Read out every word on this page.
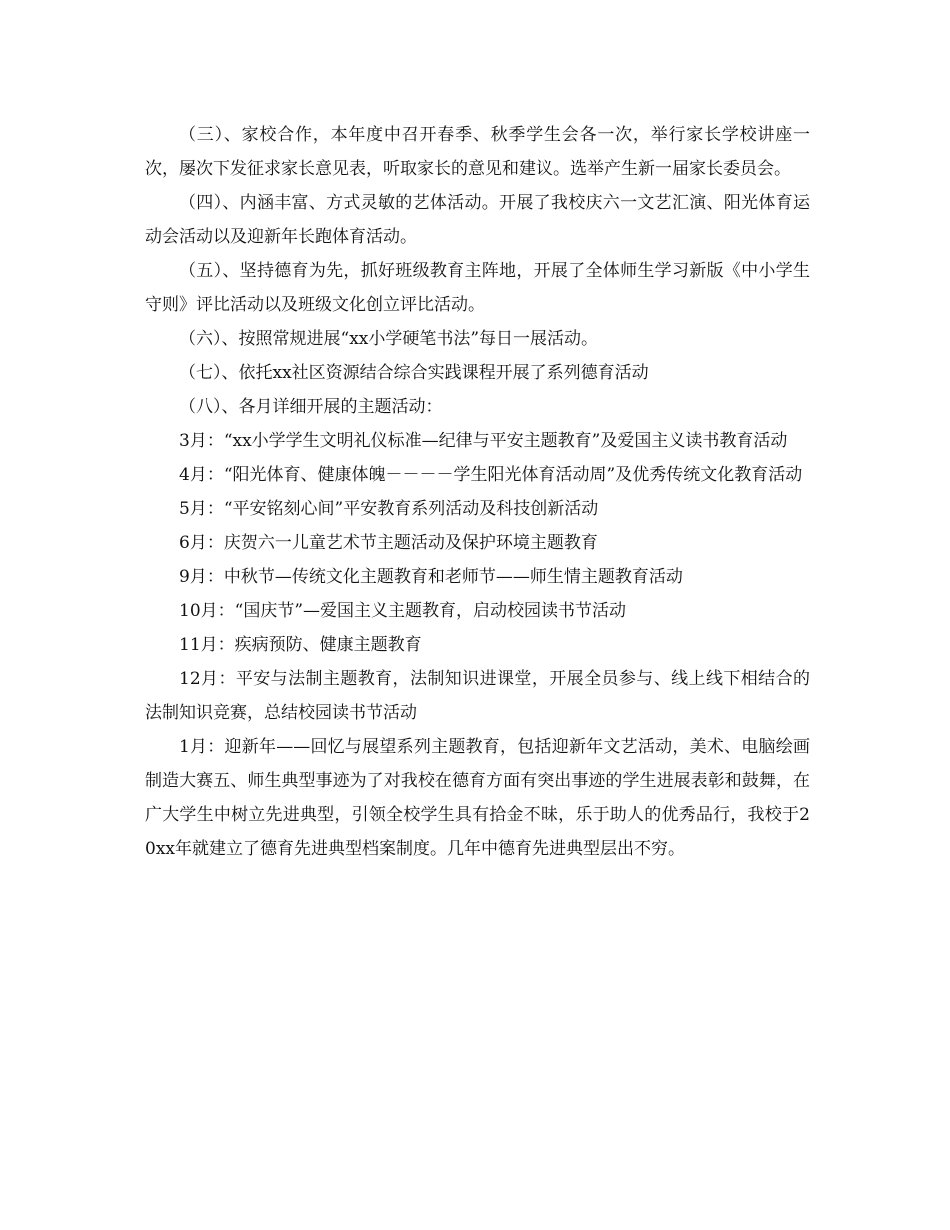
（三）、家校合作，本年度中召开春季、秋季学生会各一次，举行家长学校讲座一次，屡次下发征求家长意见表，听取家长的意见和建议。选举产生新一届家长委员会。

（四）、内涵丰富、方式灵敏的艺体活动。开展了我校庆六一文艺汇演、阳光体育运动会活动以及迎新年长跑体育活动。

（五）、坚持德育为先，抓好班级教育主阵地，开展了全体师生学习新版《中小学生守则》评比活动以及班级文化创立评比活动。

（六）、按照常规进展“xx小学硬笔书法”每日一展活动。

（七）、依托xx社区资源结合综合实践课程开展了系列德育活动

（八）、各月详细开展的主题活动：

3月：“xx小学学生文明礼仪标准—纪律与平安主题教育”及爱国主义读书教育活动

4月：“阳光体育、健康体魄－－－－学生阳光体育活动周”及优秀传统文化教育活动

5月：“平安铭刻心间”平安教育系列活动及科技创新活动

6月：庆贺六一儿童艺术节主题活动及保护环境主题教育

9月：中秋节—传统文化主题教育和老师节——师生情主题教育活动

10月：“国庆节”—爱国主义主题教育，启动校园读书节活动

11月：疾病预防、健康主题教育

12月：平安与法制主题教育，法制知识进课堂，开展全员参与、线上线下相结合的法制知识竞赛，总结校园读书节活动

1月：迎新年——回忆与展望系列主题教育，包括迎新年文艺活动，美术、电脑绘画制造大赛五、师生典型事迹为了对我校在德育方面有突出事迹的学生进展表彰和鼓舞，在广大学生中树立先进典型，引领全校学生具有拾金不昧，乐于助人的优秀品行，我校于20xx年就建立了德育先进典型档案制度。几年中德育先进典型层出不穷。
